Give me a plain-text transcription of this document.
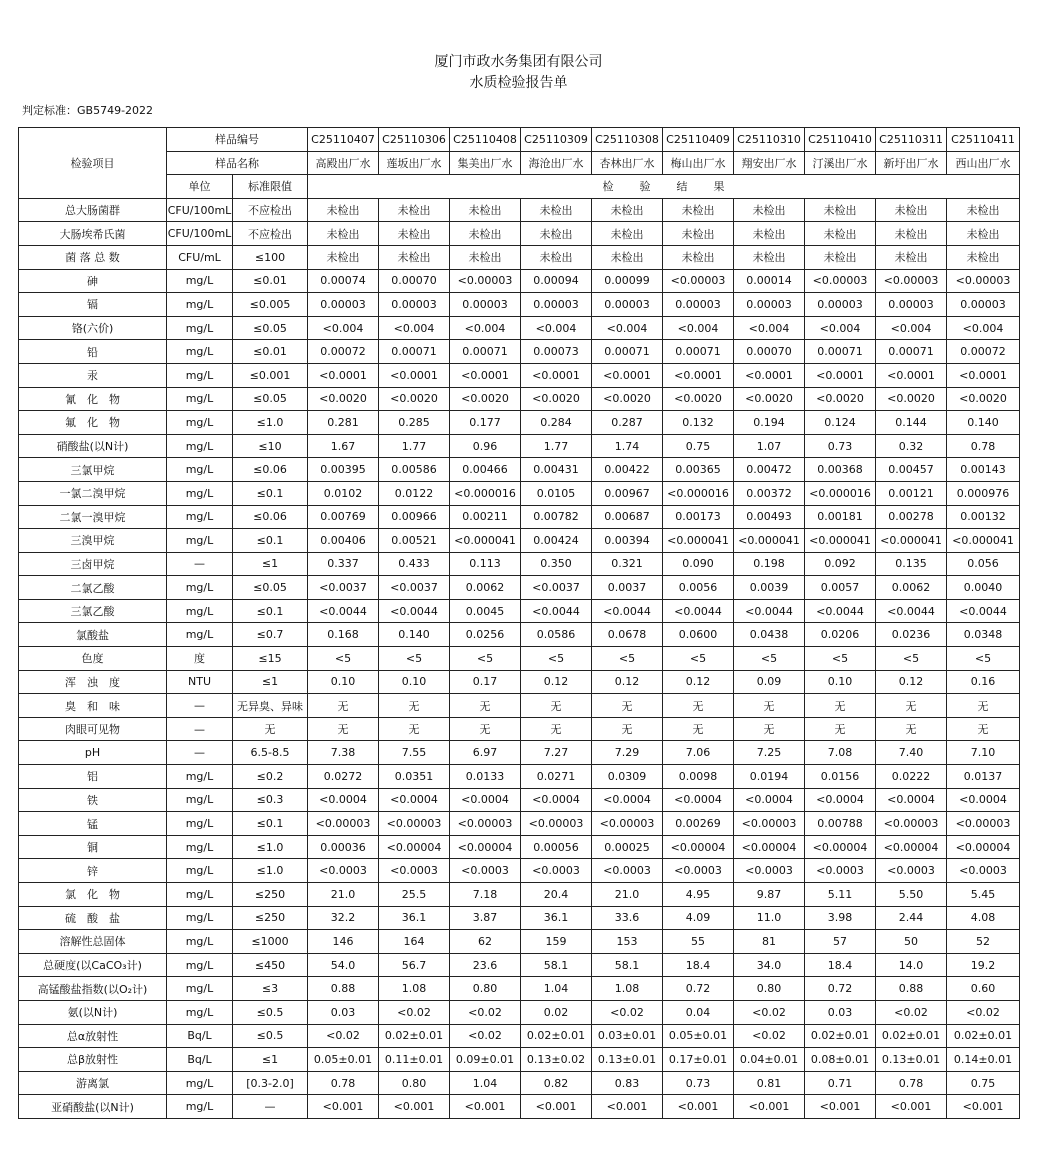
厦门市政水务集团有限公司
水质检验报告单
判定标准：GB5749-2022
检验项目	样品编号		C25110407	C25110306	C25110408	C25110309	C25110308	C25110409	C25110310	C25110410	C25110311	C25110411
	样品名称		高殿出厂水	莲坂出厂水	集美出厂水	海沧出厂水	杏林出厂水	梅山出厂水	翔安出厂水	汀溪出厂水	新圩出厂水	西山出厂水
	单位	标准限值	检验结果									
总大肠菌群	CFU/100mL	不应检出	未检出	未检出	未检出	未检出	未检出	未检出	未检出	未检出	未检出	未检出
大肠埃希氏菌	CFU/100mL	不应检出	未检出	未检出	未检出	未检出	未检出	未检出	未检出	未检出	未检出	未检出
菌 落 总 数	CFU/mL	≤100	未检出	未检出	未检出	未检出	未检出	未检出	未检出	未检出	未检出	未检出
砷	mg/L	≤0.01	0.00074	0.00070	<0.00003	0.00094	0.00099	<0.00003	0.00014	<0.00003	<0.00003	<0.00003
镉	mg/L	≤0.005	0.00003	0.00003	0.00003	0.00003	0.00003	0.00003	0.00003	0.00003	0.00003	0.00003
铬(六价)	mg/L	≤0.05	<0.004	<0.004	<0.004	<0.004	<0.004	<0.004	<0.004	<0.004	<0.004	<0.004
铅	mg/L	≤0.01	0.00072	0.00071	0.00071	0.00073	0.00071	0.00071	0.00070	0.00071	0.00071	0.00072
汞	mg/L	≤0.001	<0.0001	<0.0001	<0.0001	<0.0001	<0.0001	<0.0001	<0.0001	<0.0001	<0.0001	<0.0001
氰　化　物	mg/L	≤0.05	<0.0020	<0.0020	<0.0020	<0.0020	<0.0020	<0.0020	<0.0020	<0.0020	<0.0020	<0.0020
氟　化　物	mg/L	≤1.0	0.281	0.285	0.177	0.284	0.287	0.132	0.194	0.124	0.144	0.140
硝酸盐(以N计)	mg/L	≤10	1.67	1.77	0.96	1.77	1.74	0.75	1.07	0.73	0.32	0.78
三氯甲烷	mg/L	≤0.06	0.00395	0.00586	0.00466	0.00431	0.00422	0.00365	0.00472	0.00368	0.00457	0.00143
一氯二溴甲烷	mg/L	≤0.1	0.0102	0.0122	<0.000016	0.0105	0.00967	<0.000016	0.00372	<0.000016	0.00121	0.000976
二氯一溴甲烷	mg/L	≤0.06	0.00769	0.00966	0.00211	0.00782	0.00687	0.00173	0.00493	0.00181	0.00278	0.00132
三溴甲烷	mg/L	≤0.1	0.00406	0.00521	<0.000041	0.00424	0.00394	<0.000041	<0.000041	<0.000041	<0.000041	<0.000041
三卤甲烷	—	≤1	0.337	0.433	0.113	0.350	0.321	0.090	0.198	0.092	0.135	0.056
二氯乙酸	mg/L	≤0.05	<0.0037	<0.0037	0.0062	<0.0037	0.0037	0.0056	0.0039	0.0057	0.0062	0.0040
三氯乙酸	mg/L	≤0.1	<0.0044	<0.0044	0.0045	<0.0044	<0.0044	<0.0044	<0.0044	<0.0044	<0.0044	<0.0044
氯酸盐	mg/L	≤0.7	0.168	0.140	0.0256	0.0586	0.0678	0.0600	0.0438	0.0206	0.0236	0.0348
色度	度	≤15	<5	<5	<5	<5	<5	<5	<5	<5	<5	<5
浑　浊　度	NTU	≤1	0.10	0.10	0.17	0.12	0.12	0.12	0.09	0.10	0.12	0.16
臭　和　味	—	无异臭、异味	无	无	无	无	无	无	无	无	无	无
肉眼可见物	—	无	无	无	无	无	无	无	无	无	无	无
pH	—	6.5-8.5	7.38	7.55	6.97	7.27	7.29	7.06	7.25	7.08	7.40	7.10
铝	mg/L	≤0.2	0.0272	0.0351	0.0133	0.0271	0.0309	0.0098	0.0194	0.0156	0.0222	0.0137
铁	mg/L	≤0.3	<0.0004	<0.0004	<0.0004	<0.0004	<0.0004	<0.0004	<0.0004	<0.0004	<0.0004	<0.0004
锰	mg/L	≤0.1	<0.00003	<0.00003	<0.00003	<0.00003	<0.00003	0.00269	<0.00003	0.00788	<0.00003	<0.00003
铜	mg/L	≤1.0	0.00036	<0.00004	<0.00004	0.00056	0.00025	<0.00004	<0.00004	<0.00004	<0.00004	<0.00004
锌	mg/L	≤1.0	<0.0003	<0.0003	<0.0003	<0.0003	<0.0003	<0.0003	<0.0003	<0.0003	<0.0003	<0.0003
氯　化　物	mg/L	≤250	21.0	25.5	7.18	20.4	21.0	4.95	9.87	5.11	5.50	5.45
硫　酸　盐	mg/L	≤250	32.2	36.1	3.87	36.1	33.6	4.09	11.0	3.98	2.44	4.08
溶解性总固体	mg/L	≤1000	146	164	62	159	153	55	81	57	50	52
总硬度(以CaCO₃计)	mg/L	≤450	54.0	56.7	23.6	58.1	58.1	18.4	34.0	18.4	14.0	19.2
高锰酸盐指数(以O₂计)	mg/L	≤3	0.88	1.08	0.80	1.04	1.08	0.72	0.80	0.72	0.88	0.60
氨(以N计)	mg/L	≤0.5	0.03	<0.02	<0.02	0.02	<0.02	0.04	<0.02	0.03	<0.02	<0.02
总α放射性	Bq/L	≤0.5	<0.02	0.02±0.01	<0.02	0.02±0.01	0.03±0.01	0.05±0.01	<0.02	0.02±0.01	0.02±0.01	0.02±0.01
总β放射性	Bq/L	≤1	0.05±0.01	0.11±0.01	0.09±0.01	0.13±0.02	0.13±0.01	0.17±0.01	0.04±0.01	0.08±0.01	0.13±0.01	0.14±0.01
游离氯	mg/L	[0.3-2.0]	0.78	0.80	1.04	0.82	0.83	0.73	0.81	0.71	0.78	0.75
亚硝酸盐(以N计)	mg/L	—	<0.001	<0.001	<0.001	<0.001	<0.001	<0.001	<0.001	<0.001	<0.001	<0.001
